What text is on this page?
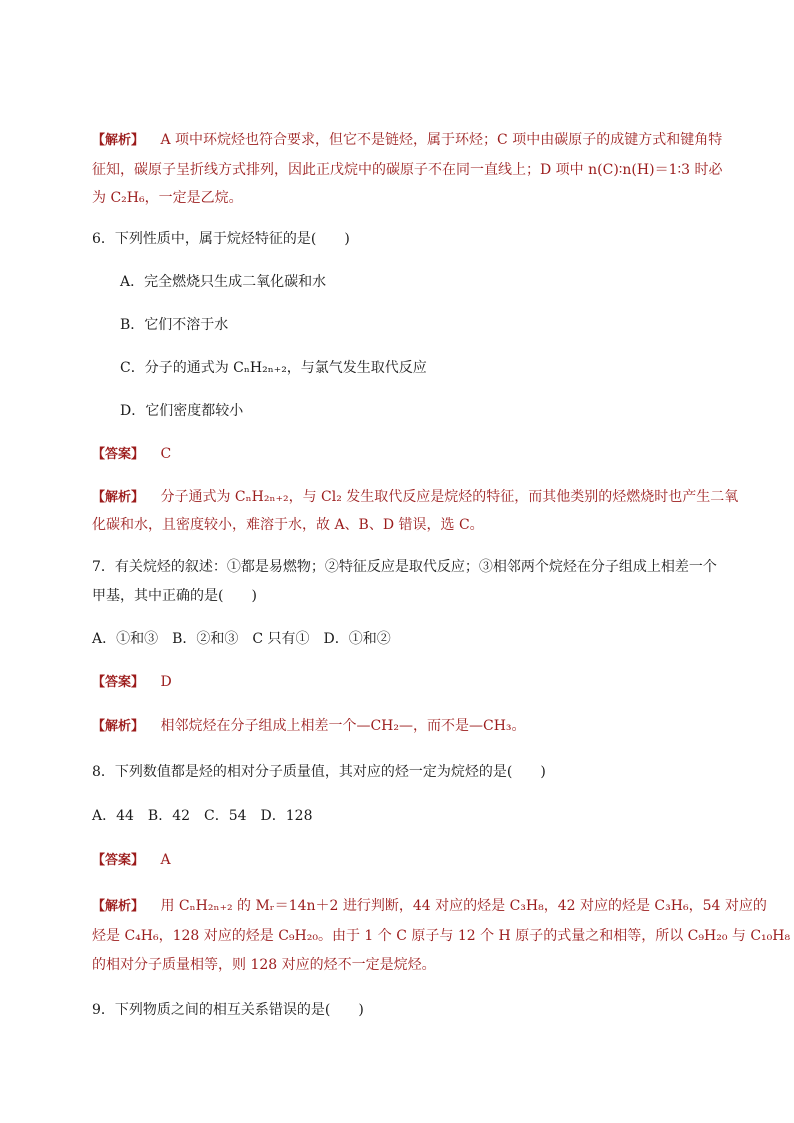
【解析】 A 项中环烷烃也符合要求，但它不是链烃，属于环烃；C 项中由碳原子的成键方式和键角特
征知，碳原子呈折线方式排列，因此正戊烷中的碳原子不在同一直线上；D 项中 n(C)∶n(H)＝1∶3 时必
为 C₂H₆，一定是乙烷。
6．下列性质中，属于烷烃特征的是(　　)
A．完全燃烧只生成二氧化碳和水
B．它们不溶于水
C．分子的通式为 CₙH₂ₙ₊₂，与氯气发生取代反应
D．它们密度都较小
【答案】 C
【解析】 分子通式为 CₙH₂ₙ₊₂，与 Cl₂ 发生取代反应是烷烃的特征，而其他类别的烃燃烧时也产生二氧
化碳和水，且密度较小，难溶于水，故 A、B、D 错误，选 C。
7．有关烷烃的叙述：①都是易燃物；②特征反应是取代反应；③相邻两个烷烃在分子组成上相差一个
甲基，其中正确的是(　　)
A．①和③　B．②和③　C 只有①　D．①和②
【答案】 D
【解析】 相邻烷烃在分子组成上相差一个—CH₂—，而不是—CH₃。
8．下列数值都是烃的相对分子质量值，其对应的烃一定为烷烃的是(　　)
A．44　B．42　C．54　D．128
【答案】 A
【解析】 用 CₙH₂ₙ₊₂ 的 Mᵣ＝14n＋2 进行判断，44 对应的烃是 C₃H₈，42 对应的烃是 C₃H₆，54 对应的
烃是 C₄H₆，128 对应的烃是 C₉H₂₀。由于 1 个 C 原子与 12 个 H 原子的式量之和相等，所以 C₉H₂₀ 与 C₁₀H₈
的相对分子质量相等，则 128 对应的烃不一定是烷烃。
9．下列物质之间的相互关系错误的是(　　)
